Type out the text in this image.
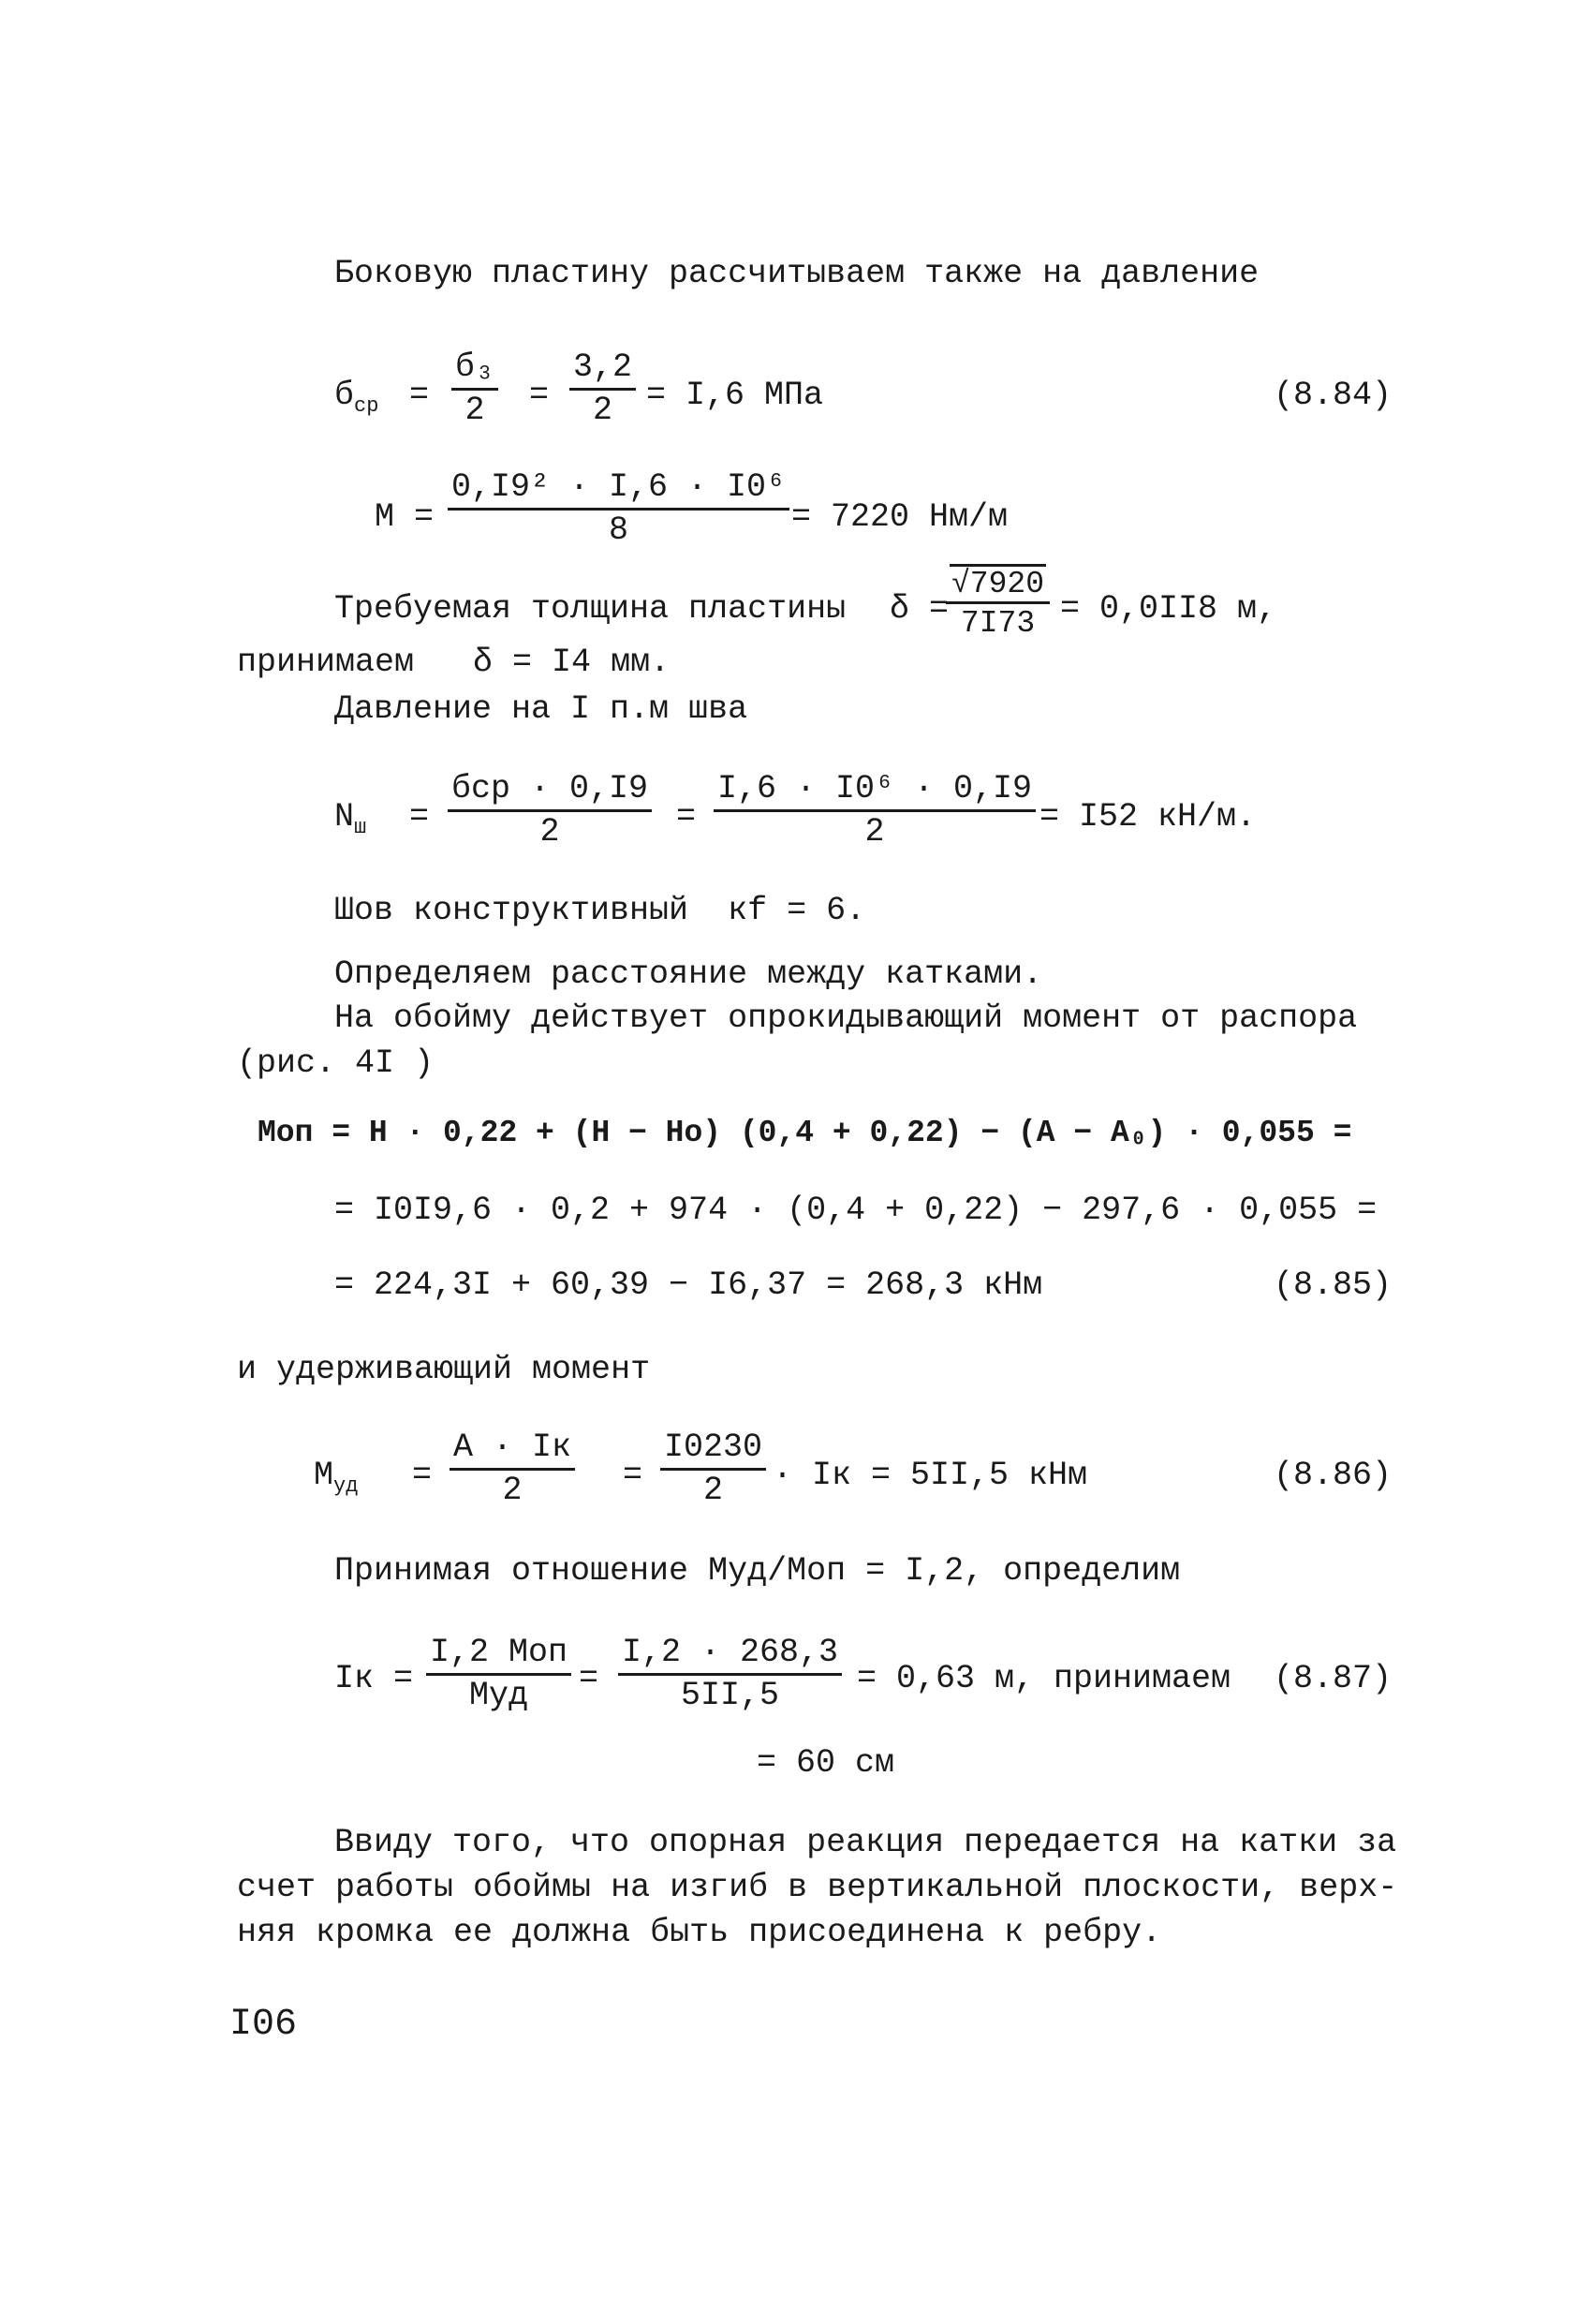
Боковую пластину рассчитываем также на давление
$б_{ср}$ =
б₃
2	= $\frac{3,2}{2} = I,6$ МПа	(8.84)
$M = \frac{\text{0,I9² · I,6 · I0⁶}}{8} = 7220$ Нм/м
Требуемая толщина пластины δ =
$\frac{√7920}{7I73} = 0,0II8$ м,
принимаем   δ = I4 мм.
Давление на I п.м шва
$N_ш$ =
бср · 0,I9
2	= $\frac{\text{I,6 · I0⁶ · 0,I9}}{2} = I52$ кН/м.
Шов конструктивный  кf = 6.
Определяем расстояние между катками.
На обойму действует опрокидывающий момент от распора
(рис. 4I )
Mоп = H · 0,22 + (H − Hо) (0,4 + 0,22) − (A − A₀) · 0,055 =
= I0I9,6 · 0,2 + 974 · (0,4 + 0,22) − 297,6 · 0,055 =
= 224,3I + 60,39 − I6,37 = 268,3 кНм	(8.85)
и удерживающий момент
$M_{уд}$ =
A · Iк
2	= $\frac{I0230}{2}$ · Iк = 5II,5 кНм	(8.86)
Принимая отношение Mуд/Mоп = I,2, определим
Iк =
I,2 Mоп
Mуд	= $\frac{I,2 \cdot 268,3}{5II,5} = 0,63$ м, принимаем (8.87)
= 60 см
Ввиду того, что опорная реакция передается на катки за
счет работы обоймы на изгиб в вертикальной плоскости, верх-
няя кромка ее должна быть присоединена к ребру.
I06
